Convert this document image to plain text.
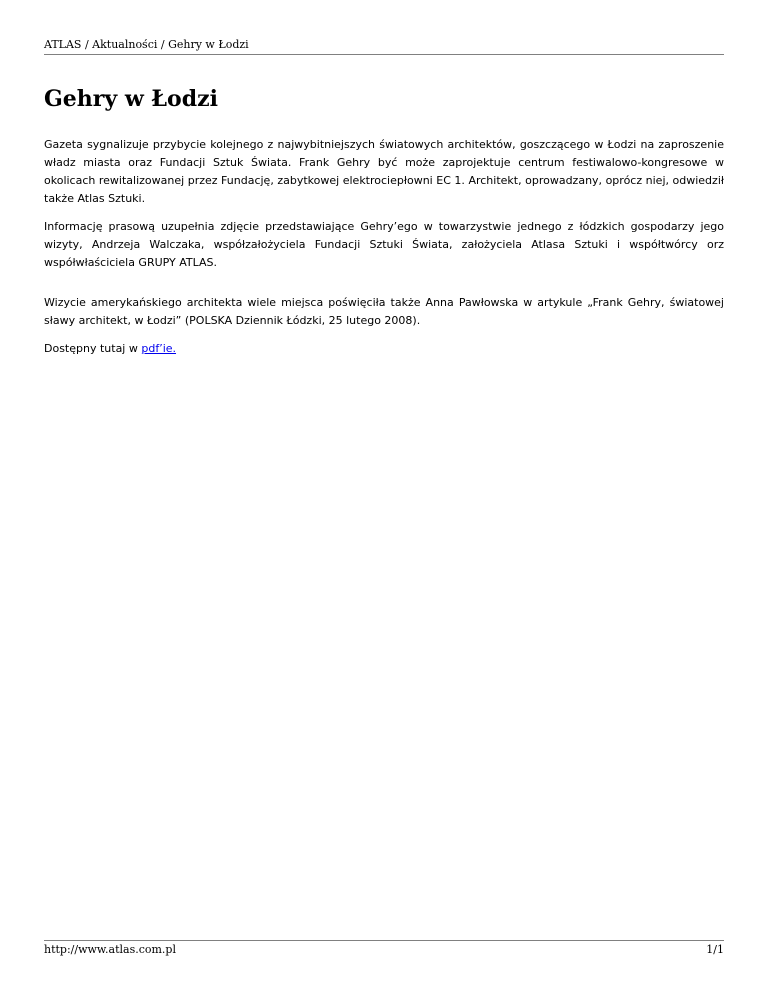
ATLAS / Aktualności / Gehry w Łodzi
Gehry w Łodzi

Gazeta sygnalizuje przybycie kolejnego z najwybitniejszych światowych architektów, goszczącego w Łodzi na zaproszenie władz miasta oraz Fundacji Sztuk Świata. Frank Gehry być może zaprojektuje centrum festiwalowo-kongresowe w okolicach rewitalizowanej przez Fundację, zabytkowej elektrociepłowni EC 1. Architekt, oprowadzany, oprócz niej, odwiedził także Atlas Sztuki.

Informację prasową uzupełnia zdjęcie przedstawiające Gehry’ego w towarzystwie jednego z łódzkich gospodarzy jego wizyty, Andrzeja Walczaka, współzałożyciela Fundacji Sztuki Świata, założyciela Atlasa Sztuki i współtwórcy orz współwłaściciela GRUPY ATLAS.

Wizycie amerykańskiego architekta wiele miejsca poświęciła także Anna Pawłowska w artykule „Frank Gehry, światowej sławy architekt, w Łodzi” (POLSKA Dziennik Łódzki, 25 lutego 2008).

Dostępny tutaj w pdf’ie.

http://www.atlas.com.pl	1/1
